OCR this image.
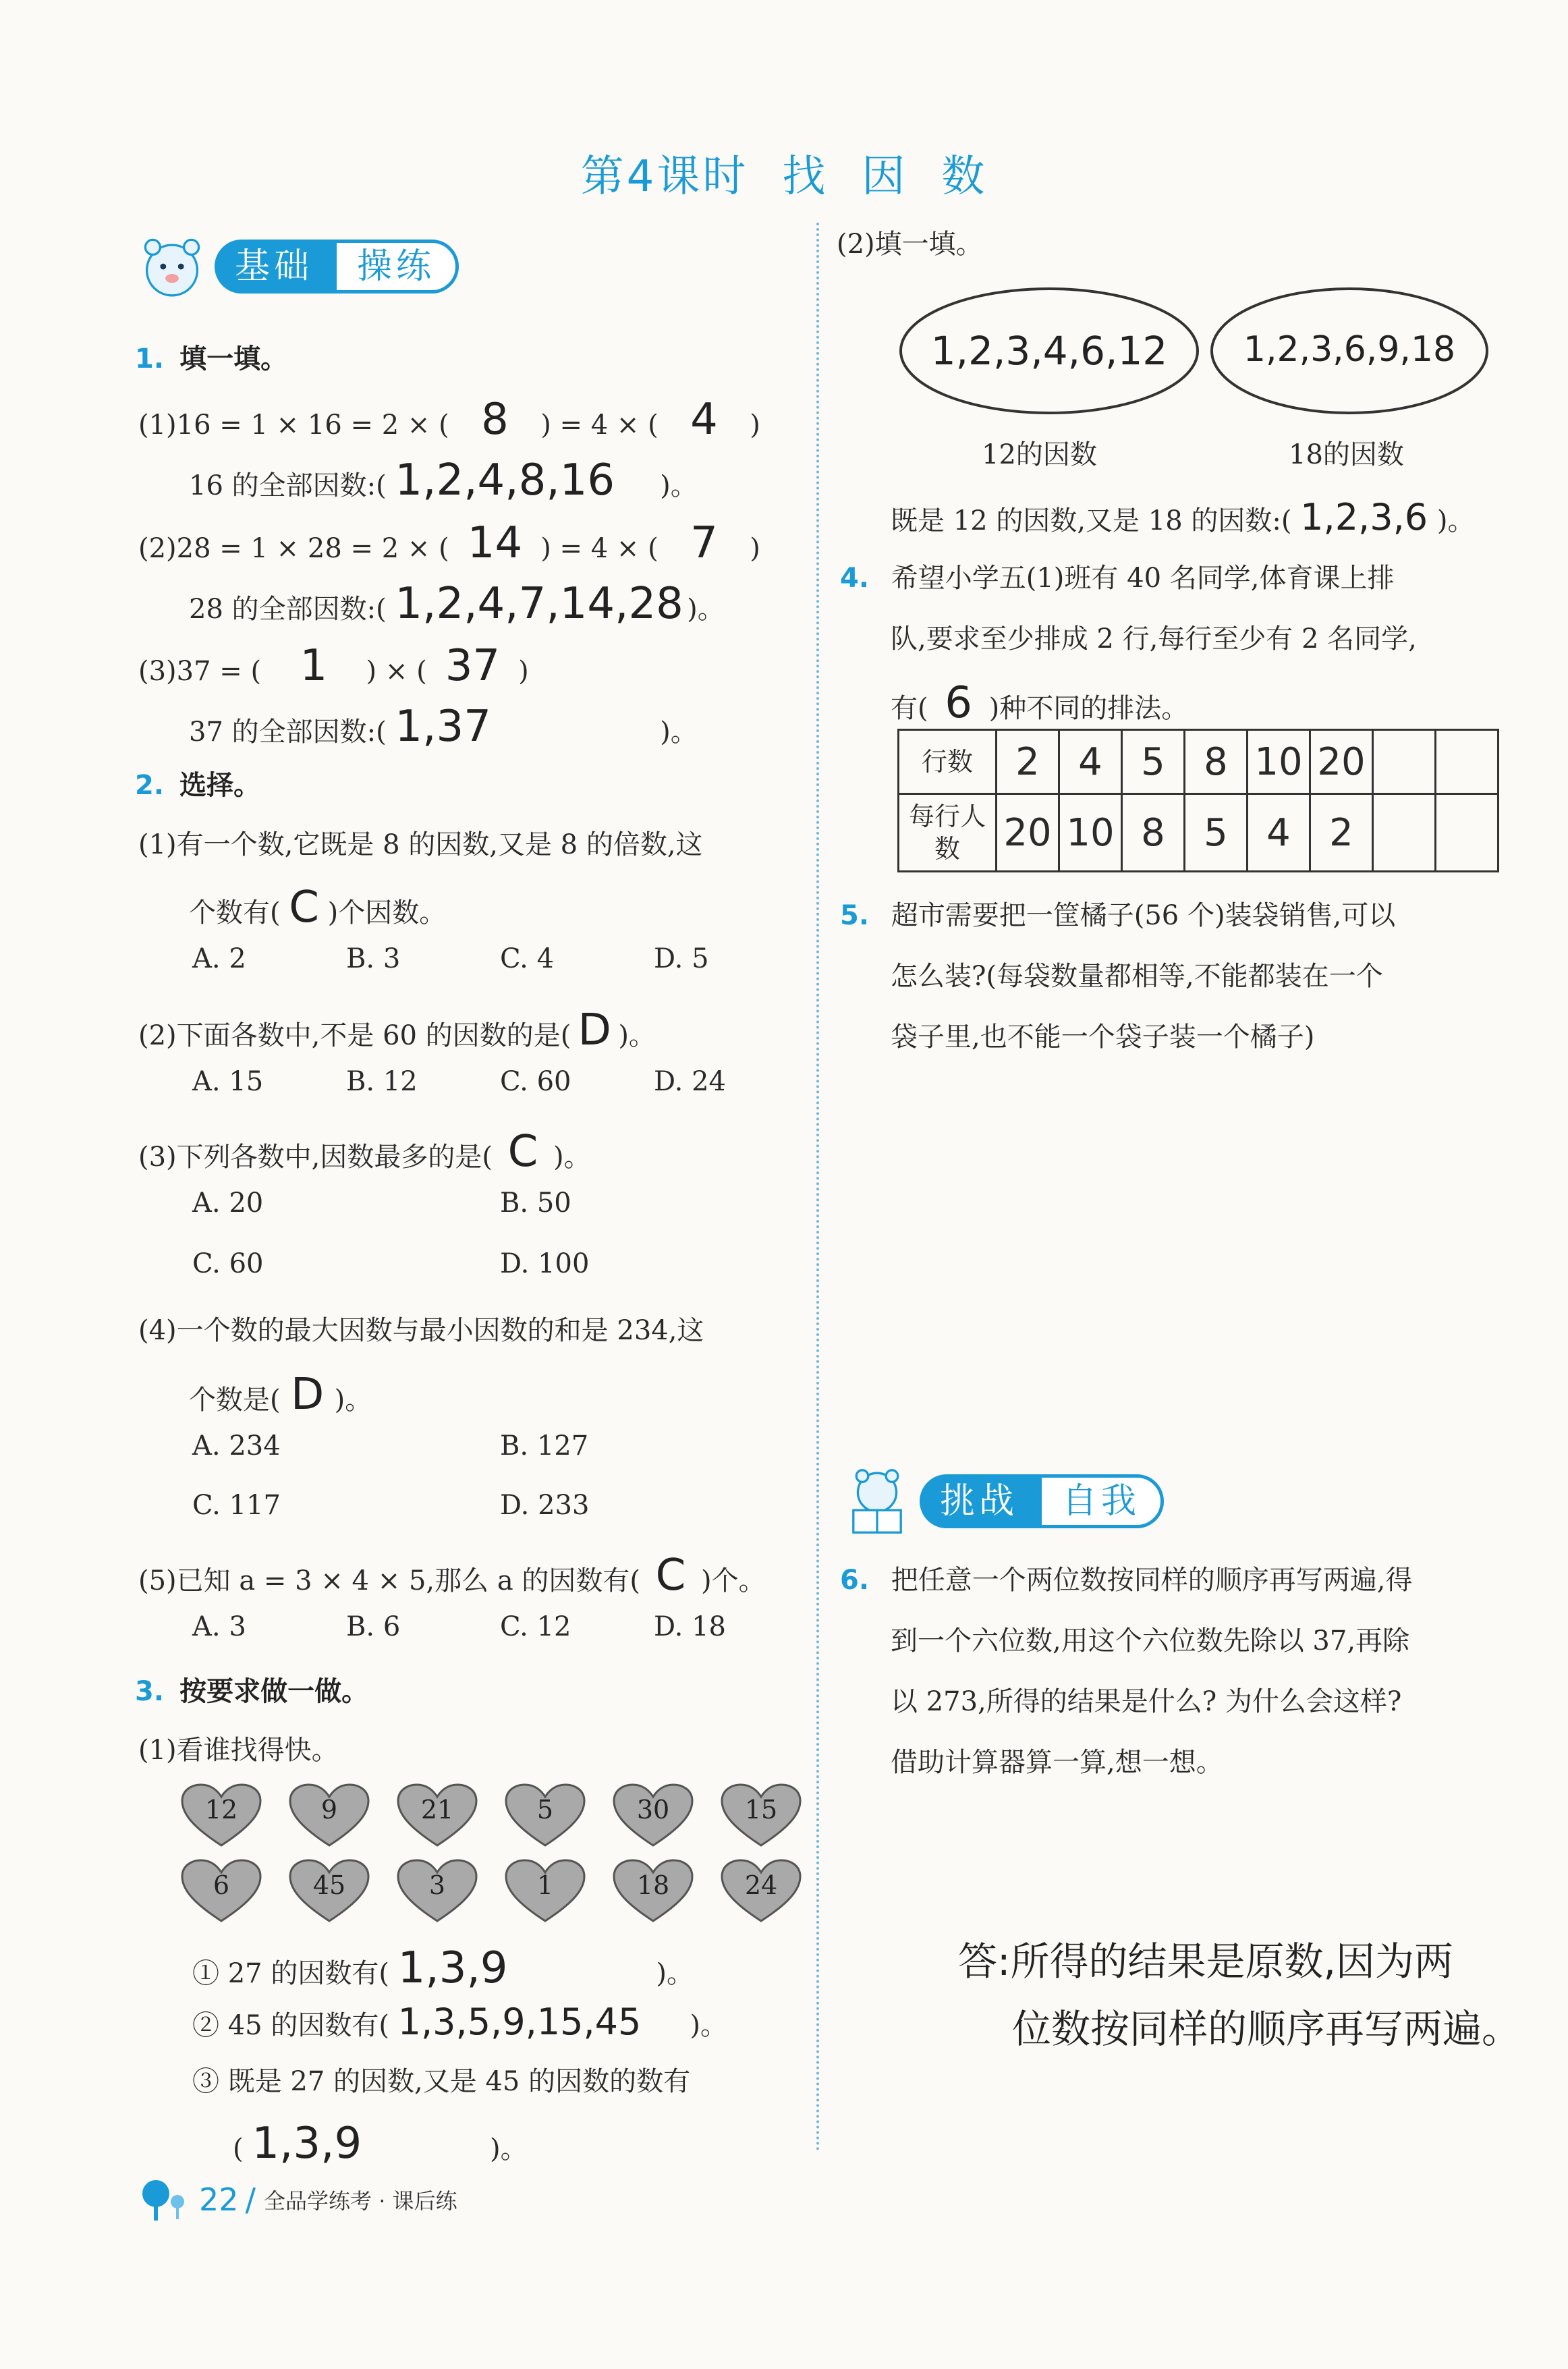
第4课时 找 因 数
基础	操练
1. 填一填。
(1)16 = 1 × 16 = 2 × ( 8 ) = 4 × ( 4 )
16 的全部因数:( 1,2,4,8,16 )。
(2)28 = 1 × 28 = 2 × ( 14 ) = 4 × ( 7 )
28 的全部因数:( 1,2,4,7,14,28 )。
(3)37 = ( 1 ) × ( 37 )
37 的全部因数:( 1,37	)。
2. 选择。
(1)有一个数,它既是 8 的因数,又是 8 的倍数,这
个数有( C )个因数。
A. 2	B. 3	C. 4	D. 5
(2)下面各数中,不是 60 的因数的是( D )。
A. 15	B. 12	C. 60	D. 24
(3)下列各数中,因数最多的是( C )。
A. 20	B. 50
C. 60	D. 100
(4)一个数的最大因数与最小因数的和是 234,这
个数是( D )。
A. 234	B. 127
C. 117	D. 233
(5)已知 a = 3 × 4 × 5,那么 a 的因数有( C )个。
A. 3	B. 6	C. 12	D. 18
3. 按要求做一做。
(1)看谁找得快。
12	9	21	5	30	15
6	45	3	1	18	24
① 27 的因数有( 1,3,9	)。
② 45 的因数有( 1,3,5,9,15,45 )。
③ 既是 27 的因数,又是 45 的因数的数有
( 1,3,9	)。
(2)填一填。
1,2,3,4,6,12 1,2,3,6,9,18
12的因数	18的因数
既是 12 的因数,又是 18 的因数:( 1,2,3,6 )。
4. 希望小学五(1)班有 40 名同学,体育课上排
队,要求至少排成 2 行,每行至少有 2 名同学,
有( 6 )种不同的排法。
行数	2	4	5	8	10	20		
每行人数	20	10	8	5	4	2		
5. 超市需要把一筐橘子(56 个)装袋销售,可以
怎么装?(每袋数量都相等,不能都装在一个
袋子里,也不能一个袋子装一个橘子)
挑战	自我
6. 把任意一个两位数按同样的顺序再写两遍,得
到一个六位数,用这个六位数先除以 37,再除
以 273,所得的结果是什么? 为什么会这样?
借助计算器算一算,想一想。
答:所得的结果是原数,因为两
位数按同样的顺序再写两遍。
22 / 全品学练考 · 课后练
